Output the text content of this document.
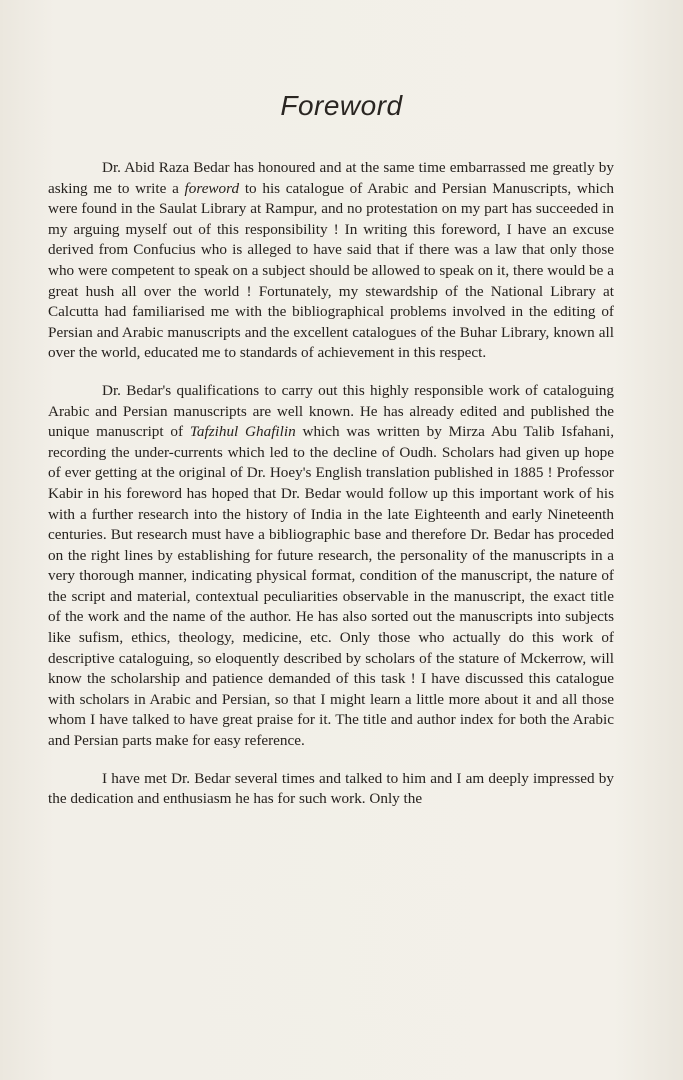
Foreword

Dr. Abid Raza Bedar has honoured and at the same time embarrassed me greatly by asking me to write a foreword to his catalogue of Arabic and Persian Manuscripts, which were found in the Saulat Library at Rampur, and no protestation on my part has succeeded in my arguing myself out of this responsibility ! In writing this foreword, I have an excuse derived from Confucius who is alleged to have said that if there was a law that only those who were competent to speak on a subject should be allowed to speak on it, there would be a great hush all over the world ! Fortunately, my stewardship of the National Library at Calcutta had familiarised me with the bibliographical problems involved in the editing of Persian and Arabic manuscripts and the excellent catalogues of the Buhar Library, known all over the world, educated me to standards of achievement in this respect.

Dr. Bedar's qualifications to carry out this highly responsible work of cataloguing Arabic and Persian manuscripts are well known. He has already edited and published the unique manuscript of Tafzihul Ghafilin which was written by Mirza Abu Talib Isfahani, recording the under-currents which led to the decline of Oudh. Scholars had given up hope of ever getting at the original of Dr. Hoey's English translation published in 1885 ! Professor Kabir in his foreword has hoped that Dr. Bedar would follow up this important work of his with a further research into the history of India in the late Eighteenth and early Nineteenth centuries. But research must have a bibliographic base and therefore Dr. Bedar has proceded on the right lines by establishing for future research, the personality of the manuscripts in a very thorough manner, indicating physical format, condition of the manuscript, the nature of the script and material, contextual peculiarities observable in the manuscript, the exact title of the work and the name of the author. He has also sorted out the manuscripts into subjects like sufism, ethics, theology, medicine, etc. Only those who actually do this work of descriptive cataloguing, so eloquently described by scholars of the stature of Mckerrow, will know the scholarship and patience demanded of this task ! I have discussed this catalogue with scholars in Arabic and Persian, so that I might learn a little more about it and all those whom I have talked to have great praise for it. The title and author index for both the Arabic and Persian parts make for easy reference.

I have met Dr. Bedar several times and talked to him and I am deeply impressed by the dedication and enthusiasm he has for such work. Only the
